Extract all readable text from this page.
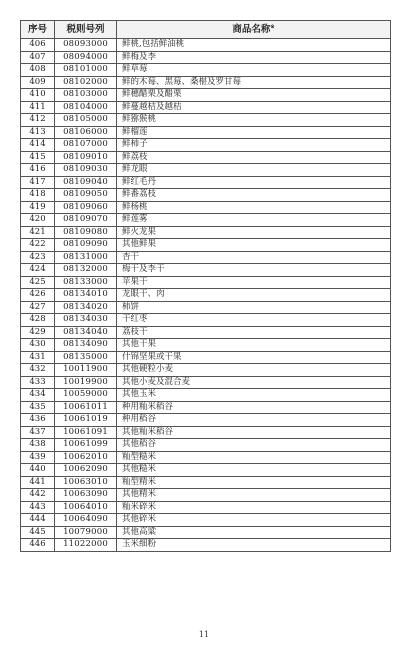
序号	税则号列	商品名称※
406	08093000	鲜桃,包括鲜油桃
407	08094000	鲜梅及李
408	08101000	鲜草莓
409	08102000	鲜的木莓、黑莓、桑椹及罗甘莓
410	08103000	鲜穗醋栗及醋栗
411	08104000	鲜蔓越桔及越桔
412	08105000	鲜猕猴桃
413	08106000	鲜榴莲
414	08107000	鲜柿子
415	08109010	鲜荔枝
416	08109030	鲜龙眼
417	08109040	鲜红毛丹
418	08109050	鲜番荔枝
419	08109060	鲜杨桃
420	08109070	鲜莲雾
421	08109080	鲜火龙果
422	08109090	其他鲜果
423	08131000	杏干
424	08132000	梅干及李干
425	08133000	苹果干
426	08134010	龙眼干、肉
427	08134020	柿饼
428	08134030	干红枣
429	08134040	荔枝干
430	08134090	其他干果
431	08135000	什锦坚果或干果
432	10011900	其他硬粒小麦
433	10019900	其他小麦及混合麦
434	10059000	其他玉米
435	10061011	种用籼米稻谷
436	10061019	种用稻谷
437	10061091	其他籼米稻谷
438	10061099	其他稻谷
439	10062010	籼型糙米
440	10062090	其他糙米
441	10063010	籼型精米
442	10063090	其他精米
443	10064010	籼米碎米
444	10064090	其他碎米
445	10079000	其他高粱
446	11022000	玉米细粉
11
